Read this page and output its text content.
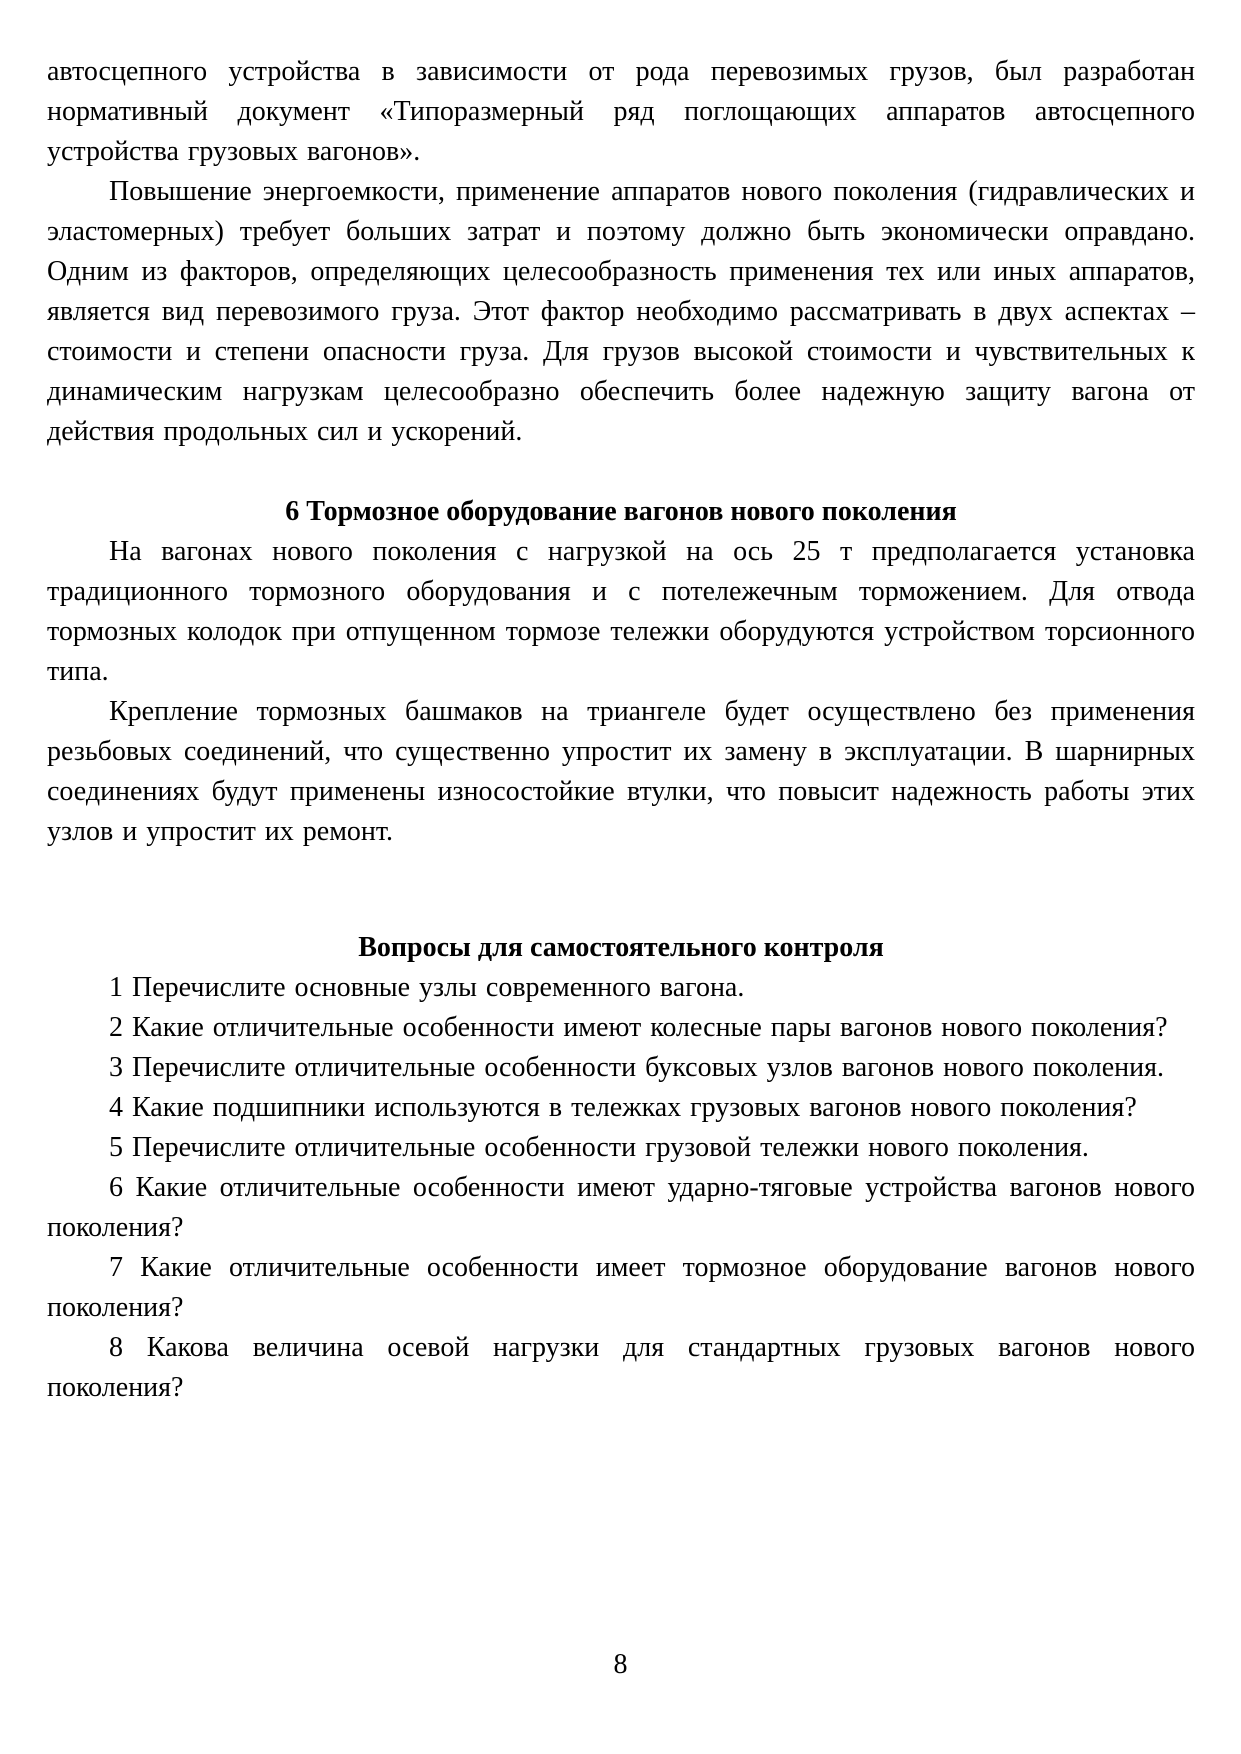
автосцепного устройства в зависимости от рода перевозимых грузов, был разработан нормативный документ «Типоразмерный ряд поглощающих аппаратов автосцепного устройства грузовых вагонов».

Повышение энергоемкости, применение аппаратов нового поколения (гидравлических и эластомерных) требует больших затрат и поэтому должно быть экономически оправдано. Одним из факторов, определяющих целесообразность применения тех или иных аппаратов, является вид перевозимого груза. Этот фактор необходимо рассматривать в двух аспектах – стоимости и степени опасности груза. Для грузов высокой стоимости и чувствительных к динамическим нагрузкам целесообразно обеспечить более надежную защиту вагона от действия продольных сил и ускорений.

6 Тормозное оборудование вагонов нового поколения

На вагонах нового поколения с нагрузкой на ось 25 т предполагается установка традиционного тормозного оборудования и с потележечным торможением. Для отвода тормозных колодок при отпущенном тормозе тележки оборудуются устройством торсионного типа.

Крепление тормозных башмаков на триангеле будет осуществлено без применения резьбовых соединений, что существенно упростит их замену в эксплуатации. В шарнирных соединениях будут применены износостойкие втулки, что повысит надежность работы этих узлов и упростит их ремонт.

Вопросы для самостоятельного контроля

1 Перечислите основные узлы современного вагона.

2 Какие отличительные особенности имеют колесные пары вагонов нового поколения?

3 Перечислите отличительные особенности буксовых узлов вагонов нового поколения.

4 Какие подшипники используются в тележках грузовых вагонов нового поколения?

5 Перечислите отличительные особенности грузовой тележки нового поколения.

6 Какие отличительные особенности имеют ударно-тяговые устройства вагонов нового поколения?

7 Какие отличительные особенности имеет тормозное оборудование вагонов нового поколения?

8 Какова величина осевой нагрузки для стандартных грузовых вагонов нового поколения?

8
